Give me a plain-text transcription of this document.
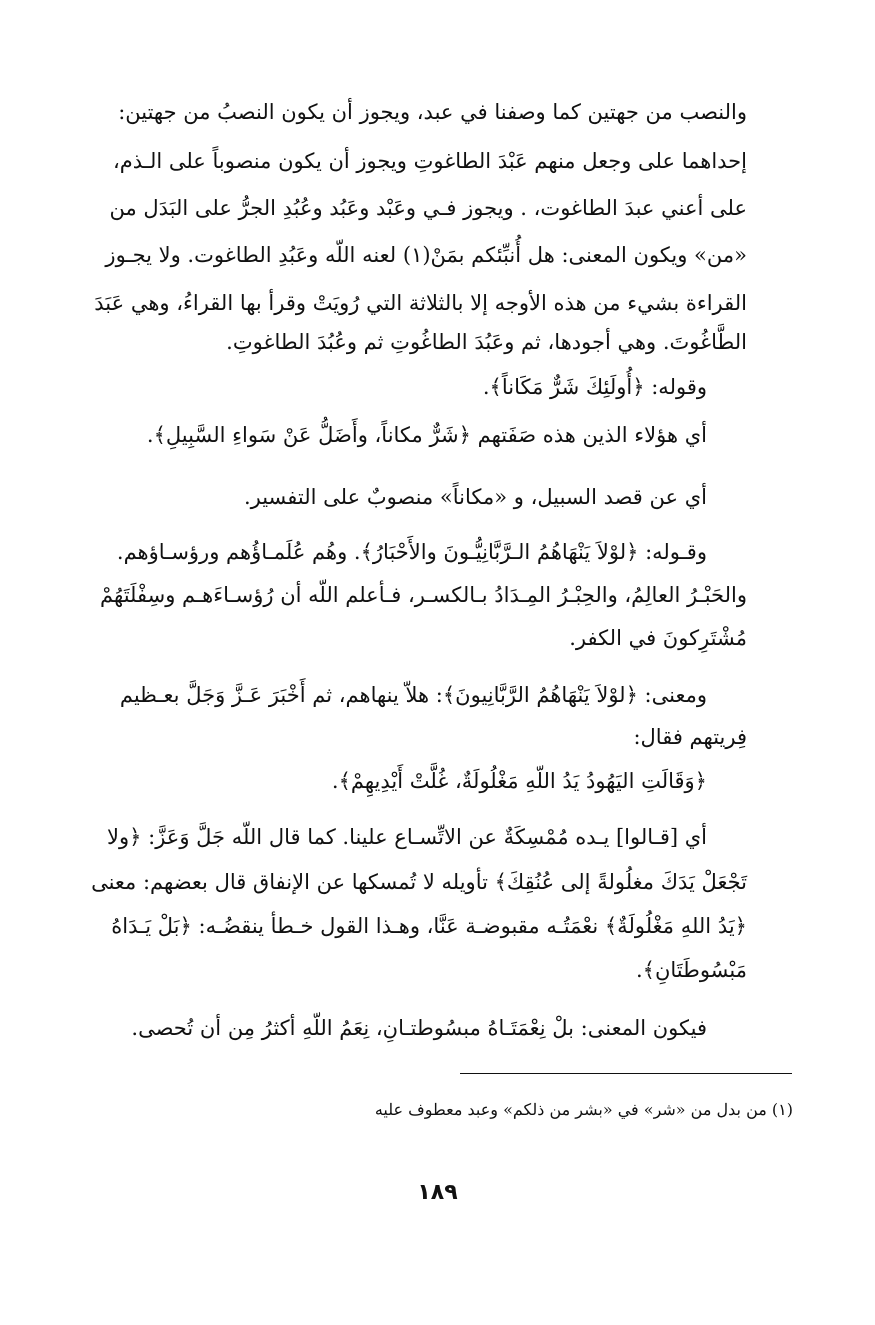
والنصب من جهتين كما وصفنا في عبد، ويجوز أن يكون النصبُ من جهتين:
إحداهما على وجعل منهم عَبْدَ الطاغوتِ ويجوز أن يكون منصوباً على الـذم،
على أعني عبدَ الطاغوت، . ويجوز فـي وعَبْد وعَبُد وعُبُدِ الجرُّ على البَدَل من
«من» ويكون المعنى: هل أُنبِّئكم بمَنْ(١) لعنه اللّه وعَبُدِ الطاغوت. ولا يجـوز
القراءة بشيء من هذه الأوجه إلا بالثلاثة التي رُويَتْ وقرأ بها القراءُ، وهي عَبَدَ
الطَّاغُوتَ. وهي أجودها، ثم وعَبُدَ الطاغُوتِ ثم وعُبُدَ الطاغوتِ.
وقوله: ﴿أُولَئِكَ شَرٌّ مَكَاناً﴾.
أي هؤلاء الذين هذه صَفَتهم ﴿شَرٌّ مكاناً، وأَضَلُّ عَنْ سَواءِ السَّبِيلِ﴾.
أي عن قصد السبيل، و «مكاناً» منصوبٌ على التفسير.
وقـوله: ﴿لوْلاَ يَنْهَاهُمُ الـرَّبَّانِيُّـونَ والأَحْبَارُ﴾. وهُم عُلَمـاؤُهم ورؤسـاؤهم.
والحَبْـرُ العالِمُ، والحِبْـرُ المِـدَادُ بـالكسـر، فـأعلم اللّه أن رُؤسـاءَهـم وسِفْلَتَهُمْ
مُشْتَرِكونَ في الكفر.
ومعنى: ﴿لوْلاَ يَنْهَاهُمُ الرَّبَّانِيونَ﴾: هلاّ ينهاهم، ثم أَخْبَرَ عَـزَّ وَجَلَّ بعـظيم
فِريتهم فقال:
﴿وَقَالَتِ اليَهُودُ يَدُ اللّهِ مَغْلُولَةٌ، غُلَّتْ أَيْدِيهِمْ﴾.
أي [قـالوا] يـده مُمْسِكَةٌ عن الاتِّسـاع علينا. كما قال اللّه جَلَّ وَعَزَّ: ﴿ولا
تَجْعَلْ يَدَكَ مغلُولةً إلى عُنُقِكَ﴾ تأويله لا تُمسكها عن الإنفاق قال بعضهم: معنى
﴿يَدُ اللهِ مَغْلُولَةٌ﴾ نعْمَتُـه مقبوضـة عَنَّا، وهـذا القول خـطأ ينقضُـه: ﴿بَلْ يَـدَاهُ
مَبْسُوطَتَانِ﴾.
فيكون المعنى: بلْ نِعْمَتَـاهُ مبسُوطتـانِ، نِعَمُ اللّهِ أكثرُ مِن أن تُحصى.
(١) من بدل من «شر» في «بشر من ذلكم» وعبد معطوف عليه
١٨٩
